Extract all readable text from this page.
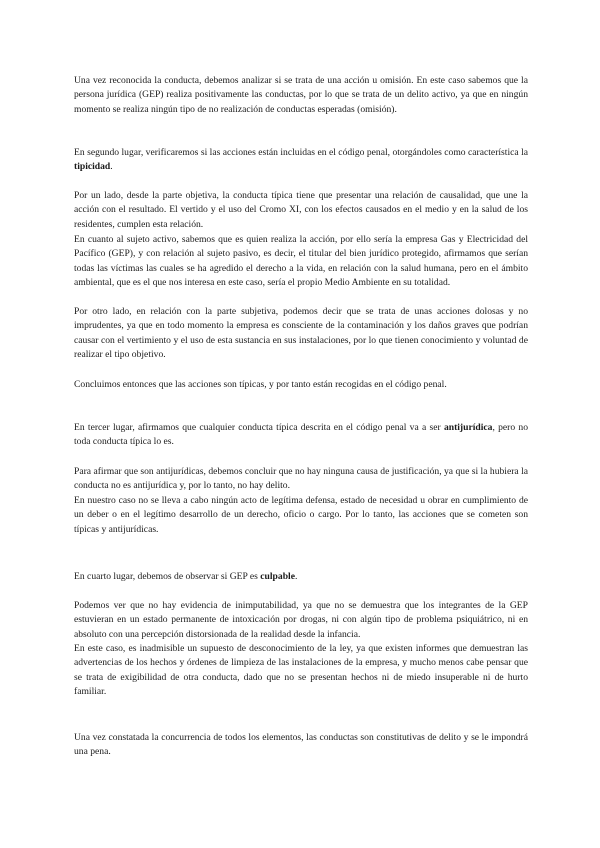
Una vez reconocida la conducta, debemos analizar si se trata de una acción u omisión. En este caso sabemos que la persona jurídica (GEP) realiza positivamente las conductas, por lo que se trata de un delito activo, ya que en ningún momento se realiza ningún tipo de no realización de conductas esperadas (omisión).

En segundo lugar, verificaremos si las acciones están incluidas en el código penal, otorgándoles como característica la tipicidad.

Por un lado, desde la parte objetiva, la conducta típica tiene que presentar una relación de causalidad, que une la acción con el resultado. El vertido y el uso del Cromo XI, con los efectos causados en el medio y en la salud de los residentes, cumplen esta relación.

En cuanto al sujeto activo, sabemos que es quien realiza la acción, por ello sería la empresa Gas y Electricidad del Pacífico (GEP), y con relación al sujeto pasivo, es decir, el titular del bien jurídico protegido, afirmamos que serían todas las víctimas las cuales se ha agredido el derecho a la vida, en relación con la salud humana, pero en el ámbito ambiental, que es el que nos interesa en este caso, sería el propio Medio Ambiente en su totalidad.

Por otro lado, en relación con la parte subjetiva, podemos decir que se trata de unas acciones dolosas y no imprudentes, ya que en todo momento la empresa es consciente de la contaminación y los daños graves que podrían causar con el vertimiento y el uso de esta sustancia en sus instalaciones, por lo que tienen conocimiento y voluntad de realizar el tipo objetivo.

Concluimos entonces que las acciones son típicas, y por tanto están recogidas en el código penal.

En tercer lugar, afirmamos que cualquier conducta típica descrita en el código penal va a ser antijurídica, pero no toda conducta típica lo es.

Para afirmar que son antijurídicas, debemos concluir que no hay ninguna causa de justificación, ya que si la hubiera la conducta no es antijurídica y, por lo tanto, no hay delito.

En nuestro caso no se lleva a cabo ningún acto de legítima defensa, estado de necesidad u obrar en cumplimiento de un deber o en el legítimo desarrollo de un derecho, oficio o cargo. Por lo tanto, las acciones que se cometen son típicas y antijurídicas.

En cuarto lugar, debemos de observar si GEP es culpable.

Podemos ver que no hay evidencia de inimputabilidad, ya que no se demuestra que los integrantes de la GEP estuvieran en un estado permanente de intoxicación por drogas, ni con algún tipo de problema psiquiátrico, ni en absoluto con una percepción distorsionada de la realidad desde la infancia.

En este caso, es inadmisible un supuesto de desconocimiento de la ley, ya que existen informes que demuestran las advertencias de los hechos y órdenes de limpieza de las instalaciones de la empresa, y mucho menos cabe pensar que se trata de exigibilidad de otra conducta, dado que no se presentan hechos ni de miedo insuperable ni de hurto familiar.

Una vez constatada la concurrencia de todos los elementos, las conductas son constitutivas de delito y se le impondrá una pena.
